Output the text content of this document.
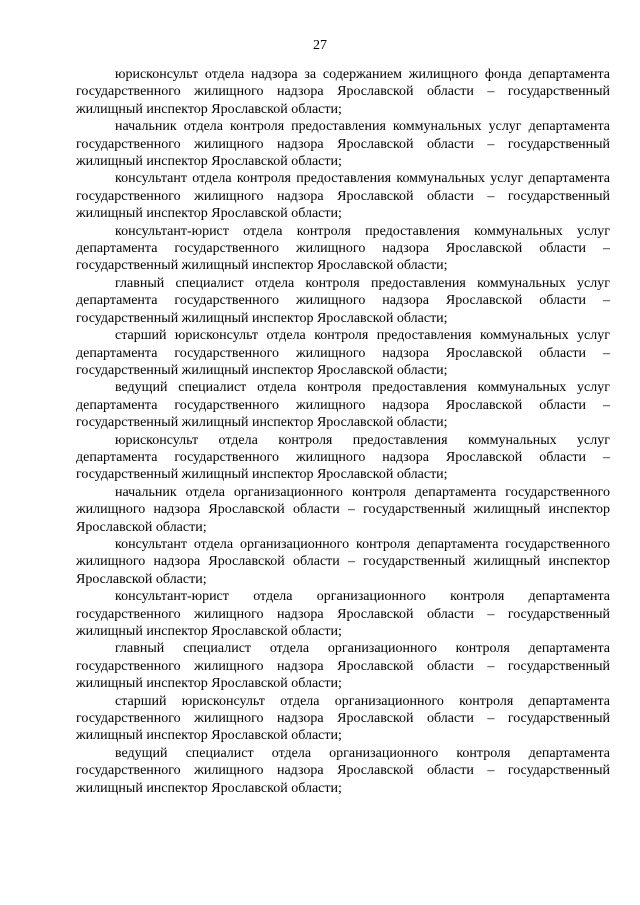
27

юрисконсульт отдела надзора за содержанием жилищного фонда департамента государственного жилищного надзора Ярославской области – государственный жилищный инспектор Ярославской области;

начальник отдела контроля предоставления коммунальных услуг департамента государственного жилищного надзора Ярославской области – государственный жилищный инспектор Ярославской области;

консультант отдела контроля предоставления коммунальных услуг департамента государственного жилищного надзора Ярославской области – государственный жилищный инспектор Ярославской области;

консультант-юрист отдела контроля предоставления коммунальных услуг департамента государственного жилищного надзора Ярославской области – государственный жилищный инспектор Ярославской области;

главный специалист отдела контроля предоставления коммунальных услуг департамента государственного жилищного надзора Ярославской области – государственный жилищный инспектор Ярославской области;

старший юрисконсульт отдела контроля предоставления коммунальных услуг департамента государственного жилищного надзора Ярославской области – государственный жилищный инспектор Ярославской области;

ведущий специалист отдела контроля предоставления коммунальных услуг департамента государственного жилищного надзора Ярославской области – государственный жилищный инспектор Ярославской области;

юрисконсульт отдела контроля предоставления коммунальных услуг департамента государственного жилищного надзора Ярославской области – государственный жилищный инспектор Ярославской области;

начальник отдела организационного контроля департамента государственного жилищного надзора Ярославской области – государственный жилищный инспектор Ярославской области;

консультант отдела организационного контроля департамента государственного жилищного надзора Ярославской области – государственный жилищный инспектор Ярославской области;

консультант-юрист отдела организационного контроля департамента государственного жилищного надзора Ярославской области – государственный жилищный инспектор Ярославской области;

главный специалист отдела организационного контроля департамента государственного жилищного надзора Ярославской области – государственный жилищный инспектор Ярославской области;

старший юрисконсульт отдела организационного контроля департамента государственного жилищного надзора Ярославской области – государственный жилищный инспектор Ярославской области;

ведущий специалист отдела организационного контроля департамента государственного жилищного надзора Ярославской области – государственный жилищный инспектор Ярославской области;
